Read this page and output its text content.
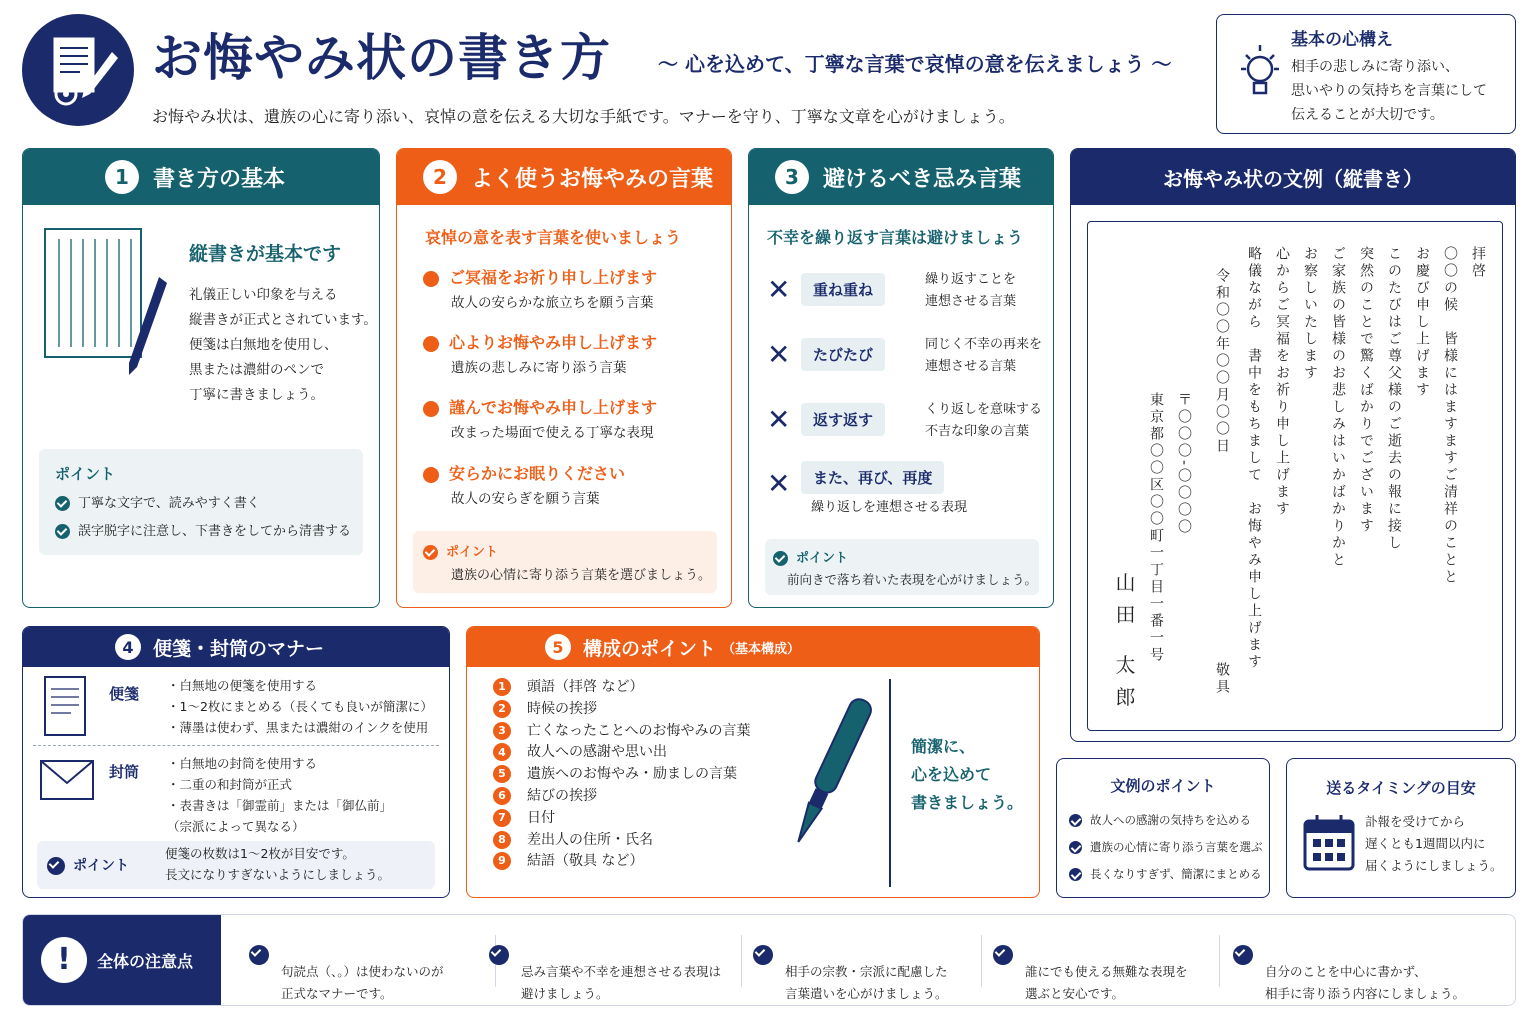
お悔やみ状の書き方 ～ 心を込めて、丁寧な言葉で哀悼の意を伝えましょう ～
お悔やみ状は、遺族の心に寄り添い、哀悼の意を伝える大切な手紙です。マナーを守り、丁寧な文章を心がけましょう。
基本の心構え
相手の悲しみに寄り添い、
思いやりの気持ちを言葉にして
伝えることが大切です。
1	書き方の基本
縦書きが基本です
礼儀正しい印象を与える
縦書きが正式とされています。
便箋は白無地を使用し、
黒または濃紺のペンで
丁寧に書きましょう。
ポイント
丁寧な文字で、読みやすく書く
誤字脱字に注意し、下書きをしてから清書する
2	よく使うお悔やみの言葉
哀悼の意を表す言葉を使いましょう
ご冥福をお祈り申し上げます
故人の安らかな旅立ちを願う言葉
心よりお悔やみ申し上げます
遺族の悲しみに寄り添う言葉
謹んでお悔やみ申し上げます
改まった場面で使える丁寧な表現
安らかにお眠りください
故人の安らぎを願う言葉
ポイント
遺族の心情に寄り添う言葉を選びましょう。
3	避けるべき忌み言葉
不幸を繰り返す言葉は避けましょう
✕	重ね重ね
繰り返すことを
連想させる言葉
✕	たびたび
同じく不幸の再来を
連想させる言葉
✕	返す返す
くり返しを意味する
不吉な印象の言葉
✕	また、再び、再度
繰り返しを連想させる表現
ポイント
前向きで落ち着いた表現を心がけましょう。
お悔やみ状の文例（縦書き）
拝啓
〇〇の候　皆様にはますますご清祥のことと
お慶び申し上げます
このたびはご尊父様のご逝去の報に接し
突然のことで驚くばかりでございます
ご家族の皆様のお悲しみはいかばかりかと
お察しいたします
心からご冥福をお祈り申し上げます
略儀ながら　書中をもちまして　お悔やみ申し上げます
敬具
令和〇〇年〇〇月〇〇日
〒〇〇〇-〇〇〇〇
東京都〇〇区〇〇町一丁目一番一号
山田 太郎
4	便箋・封筒のマナー
便箋 ・白無地の便箋を使用する
・1～2枚にまとめる（長くても良いが簡潔に）
・薄墨は使わず、黒または濃紺のインクを使用
封筒 ・白無地の封筒を使用する
・二重の和封筒が正式
・表書きは「御霊前」または「御仏前」
（宗派によって異なる）
ポイント
便箋の枚数は1～2枚が目安です。
長文になりすぎないようにしましょう。
5	構成のポイント （基本構成）
1 頭語（拝啓 など）
2 時候の挨拶
3 亡くなったことへのお悔やみの言葉
4 故人への感謝や思い出
5 遺族へのお悔やみ・励ましの言葉
6 結びの挨拶
7 日付
8 差出人の住所・氏名
9 結語（敬具 など）
簡潔に、
心を込めて
書きましょう。
文例のポイント
故人への感謝の気持ちを込める
遺族の心情に寄り添う言葉を選ぶ
長くなりすぎず、簡潔にまとめる
送るタイミングの目安
訃報を受けてから
遅くとも1週間以内に
届くようにしましょう。
!	全体の注意点
句読点（、。）は使わないのが
正式なマナーです。
忌み言葉や不幸を連想させる表現は
避けましょう。
相手の宗教・宗派に配慮した
言葉遣いを心がけましょう。
誰にでも使える無難な表現を
選ぶと安心です。
自分のことを中心に書かず、
相手に寄り添う内容にしましょう。
